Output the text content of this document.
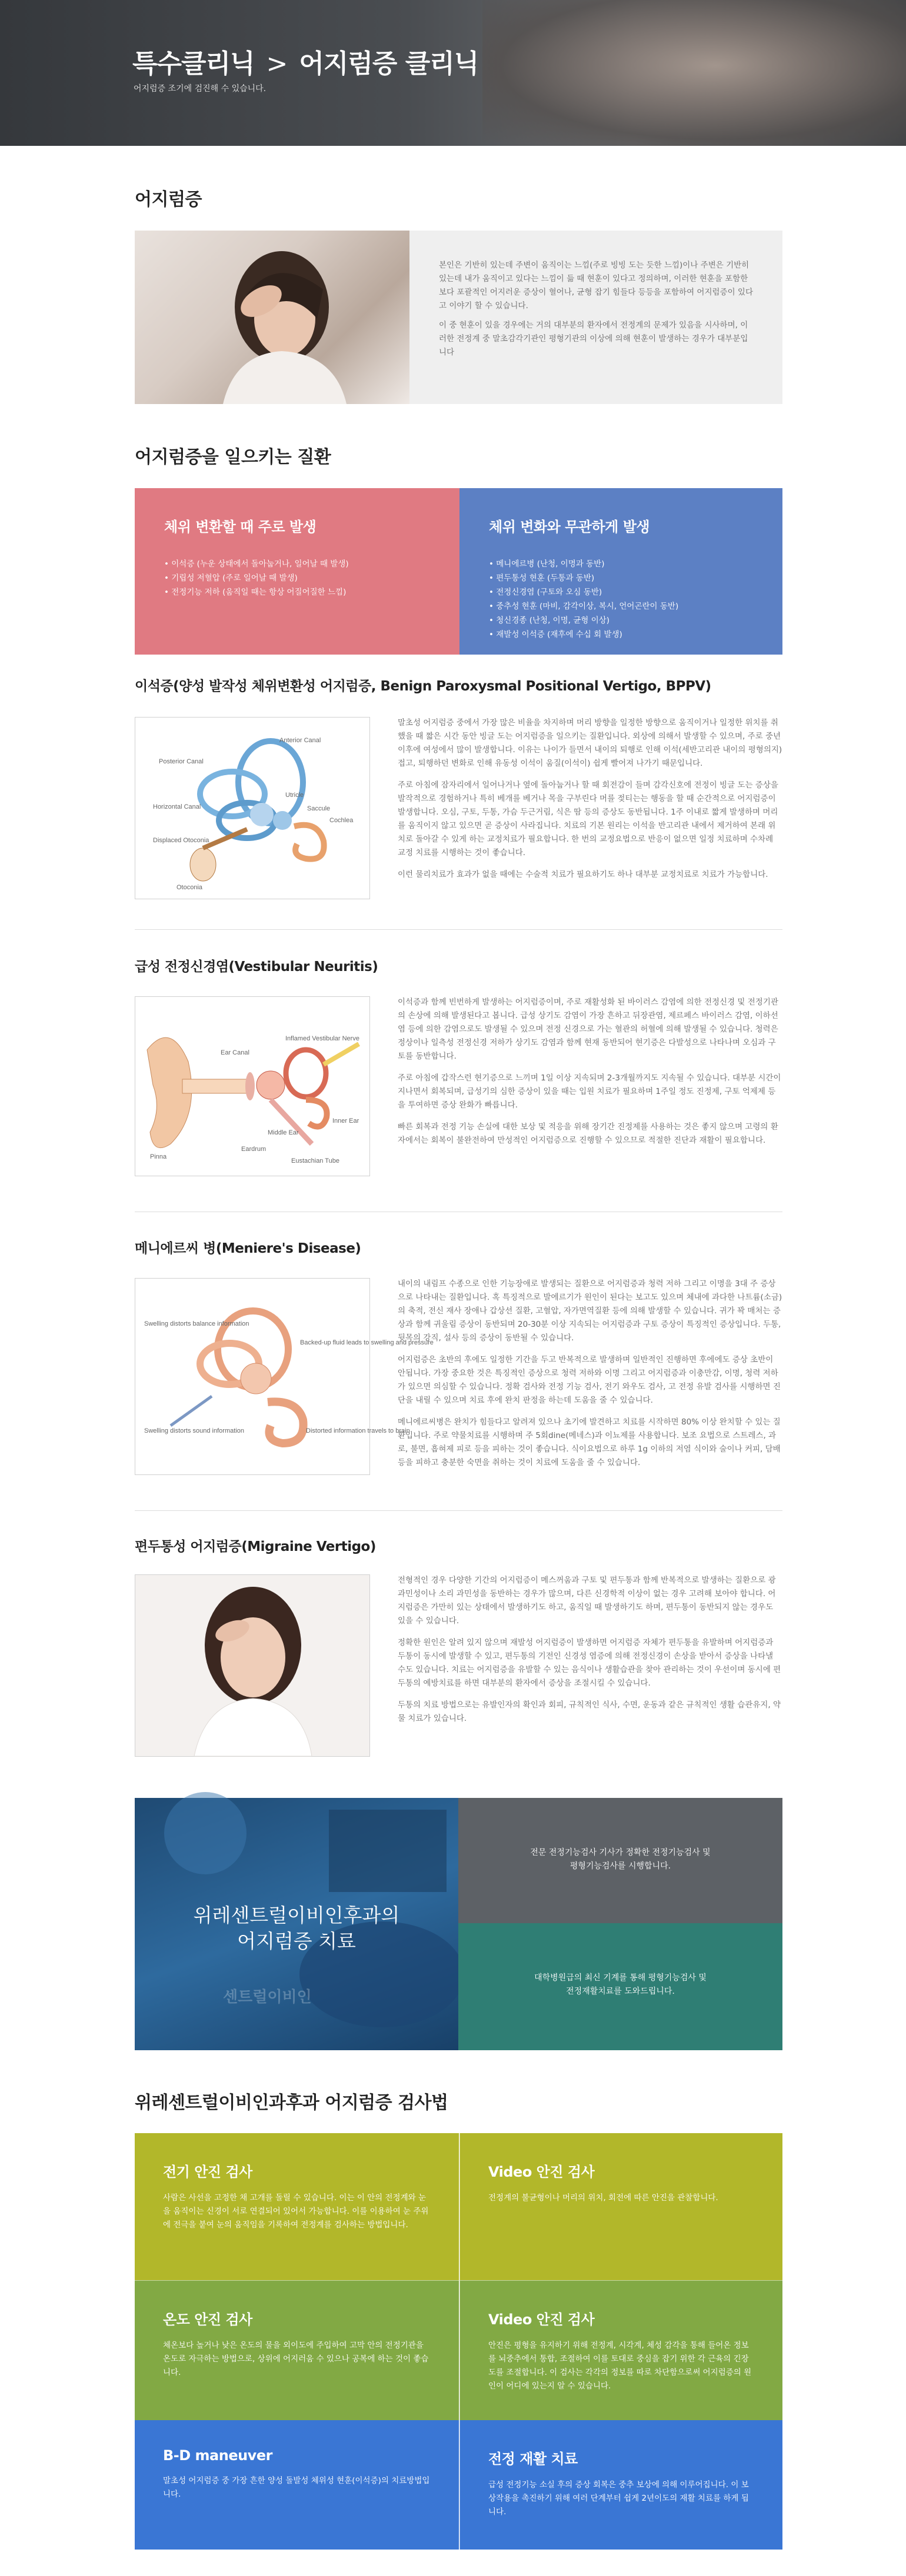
특수클리닉 > 어지럼증 클리닉
어지럼증 조기에 검진해 수 있습니다.
어지럼증

본인은 기반히 있는데 주변이 움직이는 느낌(주로 빙빙 도는 듯한 느낌)이나 주변은 기반히 있는데 내가 움직이고 있다는 느낌이 듦 때 현훈이 있다고 정의하며, 이러한 현훈을 포함한 보다 포괄적인 어지러운 증상이 혈어나, 균형 잡기 힘들다 등등을 포함하여 어지럼증이 있다고 이야기 할 수 있습니다.

이 중 현훈이 있을 경우에는 거의 대부분의 환자에서 전정계의 문제가 있음을 시사하며, 이러한 전정계 중 말초감각기관인 평형기관의 이상에 의해 현훈이 발생하는 경우가 대부분입니다

어지럼증을 일으키는 질환
체위 변환할 때 주로 발생
• 이석증 (누운 상태에서 돌아눕거나, 일어날 때 발생)
• 기립성 저혈압 (주로 일어날 때 발생)
• 전정기능 저하 (움직일 때는 항상 어질어질한 느낌)
체위 변화와 무관하게 발생
• 메니에르병 (난청, 이명과 동반)
• 편두통성 현훈 (두통과 동반)
• 전정신경염 (구토와 오심 동반)
• 중추성 현훈 (마비, 감각이상, 복시, 언어곤란이 동반)
• 청신경종 (난청, 이명, 균형 이상)
• 재발성 이석증 (재후에 수십 회 발생)
이석증(양성 발작성 체위변환성 어지럼증, Benign Paroxysmal Positional Vertigo, BPPV)
Anterior Canal
Posterior Canal
Utricle
Saccule
Horizontal Canal
Cochlea
Displaced Otoconia
Otoconia

말초성 어지럼증 중에서 가장 많은 비율을 차지하며 머리 방향을 일정한 방향으로 움직이거나 일정한 위치를 취했을 때 짧은 시간 동안 빙글 도는 어지럼증을 일으키는 질환입니다. 외상에 의해서 발생할 수 있으며, 주로 중년이후에 여성에서 많이 발생합니다. 이유는 나이가 들면서 내이의 퇴행로 인해 이석(세반고리관 내이의 평형의지) 접고, 퇴행하던 변화로 인해 유동성 이석이 움질(이석이) 쉽게 빨어져 나가기 때문입니다.

주로 아침에 잠자리에서 일어나거나 옆에 돌아눕거나 할 때 회전감이 들며 감각신호에 전정이 빙글 도는 증상을 발작적으로 경험하거나 특히 베개를 베거나 목을 구부린다 머를 젖티는는 행동을 할 때 순간적으로 어지럼증이 발생합니다. 오심, 구토, 두통, 가슴 두근거림, 식은 땀 등의 증상도 동반됩니다. 1주 이내로 짧게 발생하며 머리를 움직이지 않고 있으면 곧 증상이 사라집니다. 치료의 기본 원리는 이석을 반고리관 내에서 제거하여 본래 위치로 돌아갈 수 있게 하는 교정치료가 필요합니다. 한 번의 교정요법으로 반응이 없으면 일정 치료하며 수차례 교정 치료를 시행하는 것이 좋습니다.

이런 물리치료가 효과가 없을 때에는 수술적 치료가 필요하기도 하나 대부분 교정치료로 치료가 가능합니다.

급성 전정신경염(Vestibular Neuritis)
Ear Canal
Inflamed Vestibular Nerve
Inner Ear
Middle Ear
Eardrum
Pinna
Eustachian Tube

이석증과 함께 빈번하게 발생하는 어지럼증이며, 주로 재활성화 된 바이러스 감염에 의한 전정신경 및 전정기관의 손상에 의해 발생된다고 봅니다. 급성 상기도 감염이 가장 흔하고 뒤장관염, 제르페스 바이러스 감염, 이하선염 등에 의한 감염으로도 발생될 수 있으며 전정 신경으로 가는 혈관의 허혈에 의해 발생될 수 있습니다. 청력은 정상이나 일측성 전정신경 저하가 상기도 감염과 함께 현재 동반되어 현기증은 다발성으로 나타나며 오심과 구토를 동반합니다.

주로 아침에 갑작스런 현기증으로 느끼며 1일 이상 지속되며 2-3개월까지도 지속될 수 있습니다. 대부분 시간이 지나면서 회복되며, 급성기의 심한 증상이 있을 때는 입원 치료가 필요하며 1주일 정도 진정제, 구토 억제제 등을 투여하면 증상 완화가 빠릅니다.

빠른 회복과 전정 기능 손실에 대한 보상 및 적응을 위해 장기간 진정제를 사용하는 것은 좋지 않으며 고령의 환자에서는 회복이 불완전하여 만성적인 어지럼증으로 진행할 수 있으므로 적절한 진단과 재활이 필요합니다.

메니에르씨 병(Meniere's Disease)
Swelling distorts balance information
Backed-up fluid leads to swelling and pressure
Swelling distorts sound information	Distorted information travels to brain

내이의 내림프 수종으로 인한 기능장애로 발생되는 질환으로 어지럼증과 청력 저하 그리고 이명을 3대 주 증상으로 나타내는 질환입니다. 혹 특징적으로 발에르기가 원인이 된다는 보고도 있으며 체내에 과다한 나트륨(소금)의 축적, 전신 재사 장애나 갑상선 질환, 고혈압, 자가면역질환 등에 의해 발생할 수 있습니다. 귀가 꽉 매처는 증상과 함께 귀울림 증상이 동반되며 20-30분 이상 지속되는 어지럼증과 구토 증상이 특징적인 증상입니다. 두통, 뒷목의 강직, 설사 등의 증상이 동반될 수 있습니다.

어지럼증은 초반의 후에도 일정한 기간을 두고 반복적으로 발생하며 일반적인 진행하면 후에에도 증상 초반이 안됩니다. 가장 중요한 것은 특징적인 증상으로 청력 저하와 이명 그리고 어지럼증과 이충만감, 이명, 청력 저하가 있으면 의심할 수 있습니다. 정확 검사와 전정 기능 검사, 전기 와우도 검사, 고 전정 유발 검사를 시행하면 진단을 내릴 수 있으며 치료 후에 완치 판정을 하는데 도움을 줄 수 있습니다.

메니에르씨병은 완치가 힘들다고 알려져 있으나 초기에 발견하고 치료를 시작하면 80% 이상 완치할 수 있는 질환입니다. 주로 약물치료를 시행하며 주 5회dine(메네스)과 이뇨제를 사용합니다. 보조 요법으로 스트레스, 과로, 불면, 흡혀제 피로 등을 피하는 것이 좋습니다. 식이요법으로 하루 1g 이하의 저염 식이와 술이나 커피, 담배 등을 피하고 충분한 숙면을 취하는 것이 치료에 도움을 줄 수 있습니다.

편두통성 어지럼증(Migraine Vertigo)

전형적인 경우 다양한 기간의 어지럼증이 메스꺼움과 구토 및 편두통과 함께 반복적으로 발생하는 질환으로 광과민성이나 소리 과민성을 동반하는 경우가 많으며, 다른 신경학적 이상이 없는 경우 고려해 보아야 합니다. 어지럼증은 가만히 있는 상태에서 발생하기도 하고, 움직일 때 발생하기도 하며, 편두통이 동반되지 않는 경우도 있을 수 있습니다.

정확한 원인은 알려 있지 않으며 재발성 어지럼증이 발생하면 어지럼증 자체가 편두통을 유발하며 어지럼증과 두통이 동시에 발생할 수 있고, 편두통의 기전인 신경성 염증에 의해 전정신경이 손상을 받아서 증상을 나타낼 수도 있습니다. 치료는 어지럼증을 유발할 수 있는 음식이나 생활습관을 찾아 관리하는 것이 우선이며 동시에 편두통의 예방치료를 하면 대부분의 환자에서 증상을 조절시킬 수 있습니다.

두통의 치료 방법으로는 유발인자의 확인과 회피, 규칙적인 식사, 수면, 운동과 같은 규칙적인 생활 습관유지, 약물 치료가 있습니다.

위레센트럴이비인후과의
어지럼증 치료
센트럴이비인
전문 전정기능검사 기사가 정확한 전정기능검사 및
평형기능검사를 시행합니다.
대학병원급의 최신 기계를 통해 평형기능검사 및
전정재활치료를 도와드립니다.
위레센트럴이비인과후과 어지럼증 검사법
전기 안진 검사
사람은 사선을 고정한 채 고개를 돌릴 수 있습니다. 이는 이 안의 전정계와 눈을 움직이는 신경이 서로 연결되어 있어서 가능합니다. 이를 이용하여 눈 주위에 전극을 붙여 눈의 움직임을 기록하여 전정계를 검사하는 방법입니다.
Video 안진 검사
전정계의 불균형이나 머리의 위치, 회전에 따른 안진을 관찰합니다.
온도 안진 검사
체온보다 높거나 낮은 온도의 물을 외이도에 주입하여 고막 안의 전정기관을 온도로 자극하는 방법으로, 상위에 어지러움 수 있으나 공복에 하는 것이 좋습니다.
Video 안진 검사
안진은 평형을 유지하기 위해 전정계, 시각계, 체성 감각을 통해 들어온 정보를 뇌중추에서 통합, 조절하여 이를 토대로 중심을 잡기 위한 각 근육의 긴장도를 조절합니다. 이 검사는 각각의 정보를 따로 차단함으로써 어지럼증의 원인이 어디에 있는지 알 수 있습니다.
B-D maneuver
말초성 어지럼증 중 가장 흔한 양성 돌발성 체위성 현훈(이석증)의 치료방법입니다.
전정 재활 치료
급성 전정기능 소실 후의 증상 회복은 중추 보상에 의해 이루어집니다. 이 보상작용을 촉진하기 위해 여러 단계부터 쉽게 2년이도의 재활 치료를 하게 됩니다.
